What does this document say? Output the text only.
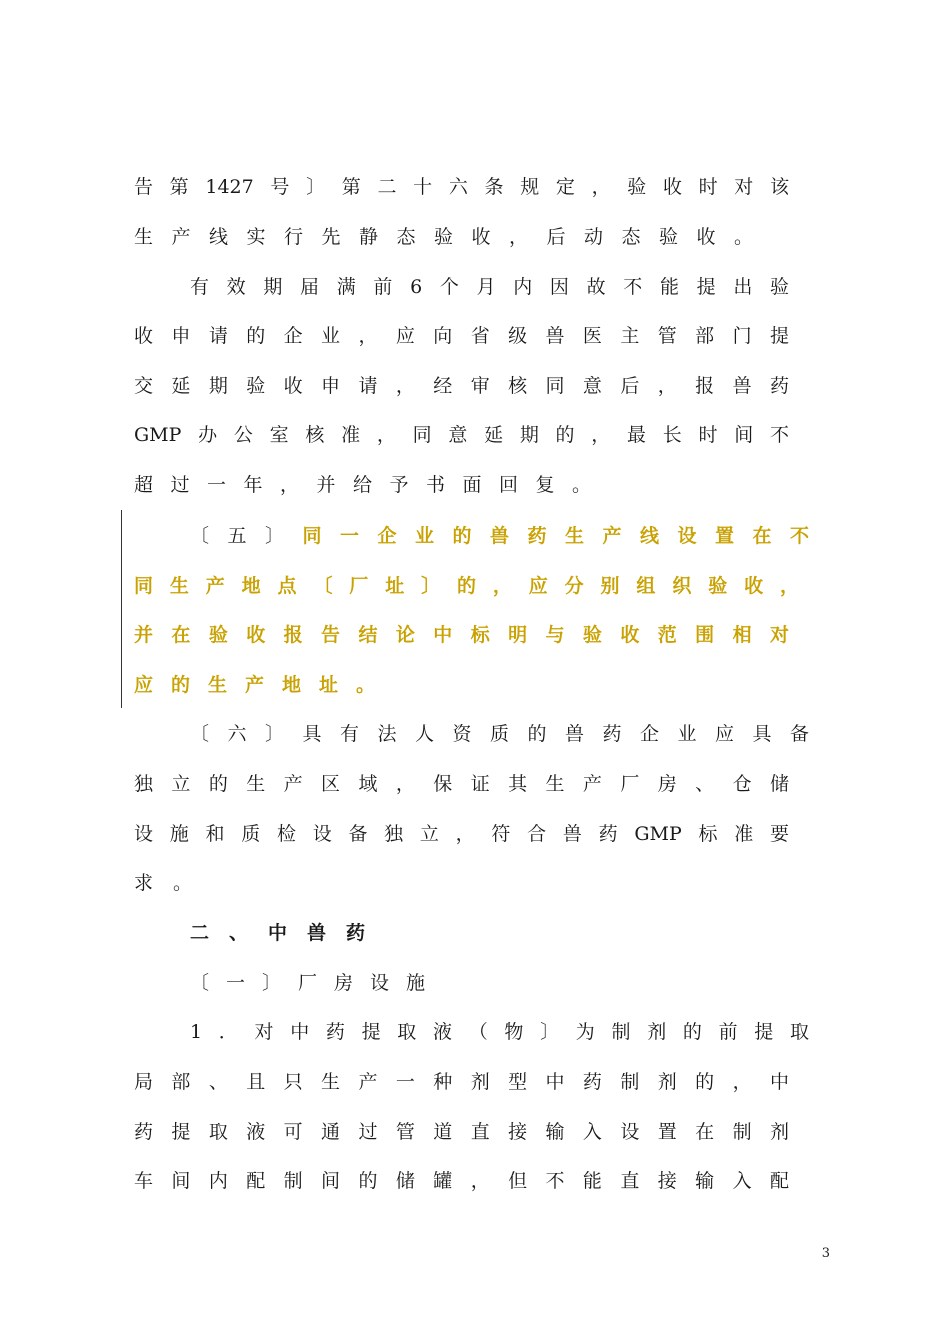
告第1427号〕第二十六条规定，验收时对该
生产线实行先静态验收，后动态验收。
有效期届满前6个月内因故不能提出验
收申请的企业，应向省级兽医主管部门提
交延期验收申请，经审核同意后，报兽药
GMP办公室核准，同意延期的，最长时间不
超过一年，并给予书面回复。
〔五〕同一企业的兽药生产线设置在不
同生产地点〔厂址〕的，应分别组织验收，
并在验收报告结论中标明与验收范围相对
应的生产地址。
〔六〕具有法人资质的兽药企业应具备
独立的生产区域，保证其生产厂房、仓储
设施和质检设备独立，符合兽药GMP标准要
求。
二、中兽药
〔一〕厂房设施
1．对中药提取液（物〕为制剂的前提取
局部、且只生产一种剂型中药制剂的，中
药提取液可通过管道直接输入设置在制剂
车间内配制间的储罐，但不能直接输入配
3
